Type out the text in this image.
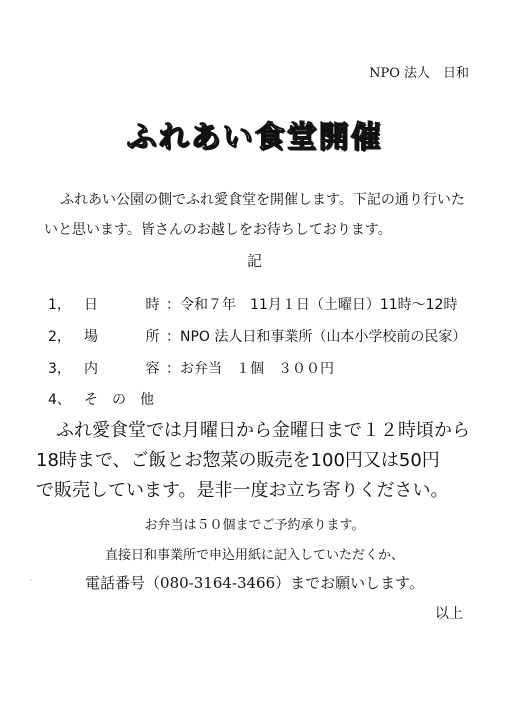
NPO 法人　日和
ふれあい食堂開催

ふれあい公園の側でふれ愛食堂を開催します。下記の通り行いた

いと思います。皆さんのお越しをお待ちしております。

記
1， 日　　時：令和７年　11月１日（土曜日）11時〜12時
2， 場　　所：NPO 法人日和事業所（山本小学校前の民家）
3， 内　　容：お弁当　１個　３００円
4、 そ　の　他

ふれ愛食堂では月曜日から金曜日まで１２時頃から

18時まで、ご飯とお惣菜の販売を100円又は50円

で販売しています。是非一度お立ち寄りください。

お弁当は５０個までご予約承ります。
直接日和事業所で申込用紙に記入していただくか、
電話番号（080-3164-3466）までお願いします。
以上
·
